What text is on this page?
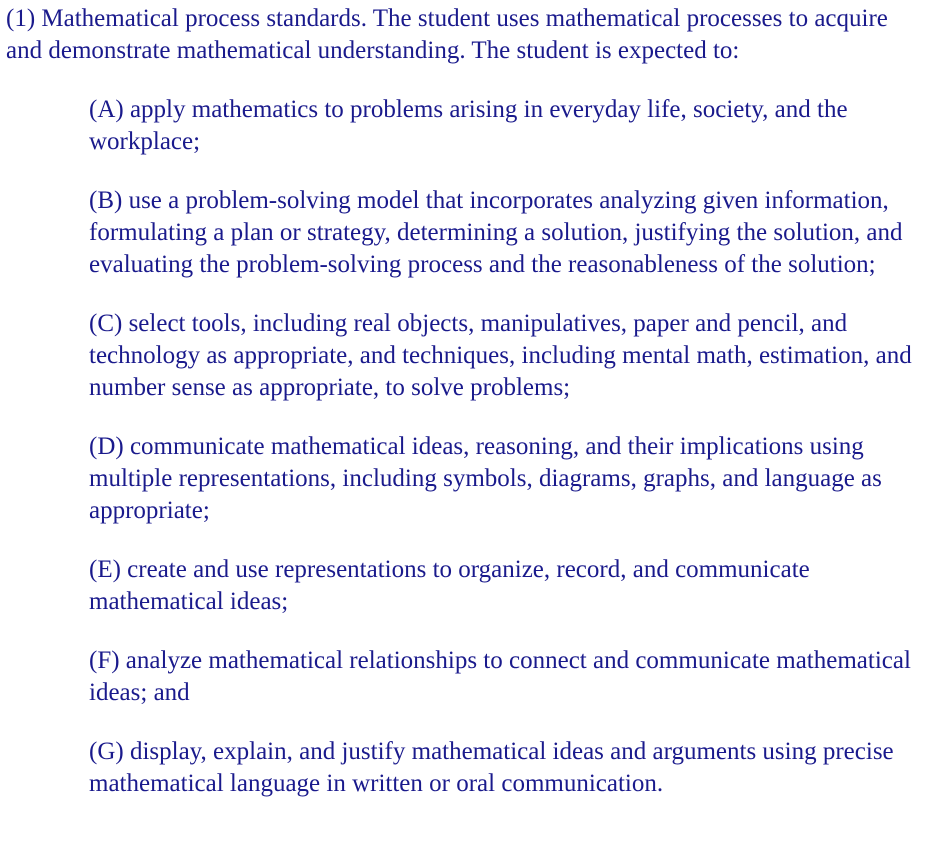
(1) Mathematical process standards. The student uses mathematical processes to acquire and demonstrate mathematical understanding. The student is expected to:

(A) apply mathematics to problems arising in everyday life, society, and the workplace;
(B) use a problem-solving model that incorporates analyzing given information, formulating a plan or strategy, determining a solution, justifying the solution, and evaluating the problem-solving process and the reasonableness of the solution;
(C) select tools, including real objects, manipulatives, paper and pencil, and technology as appropriate, and techniques, including mental math, estimation, and number sense as appropriate, to solve problems;
(D) communicate mathematical ideas, reasoning, and their implications using multiple representations, including symbols, diagrams, graphs, and language as appropriate;
(E) create and use representations to organize, record, and communicate mathematical ideas;
(F) analyze mathematical relationships to connect and communicate mathematical ideas; and
(G) display, explain, and justify mathematical ideas and arguments using precise mathematical language in written or oral communication.
